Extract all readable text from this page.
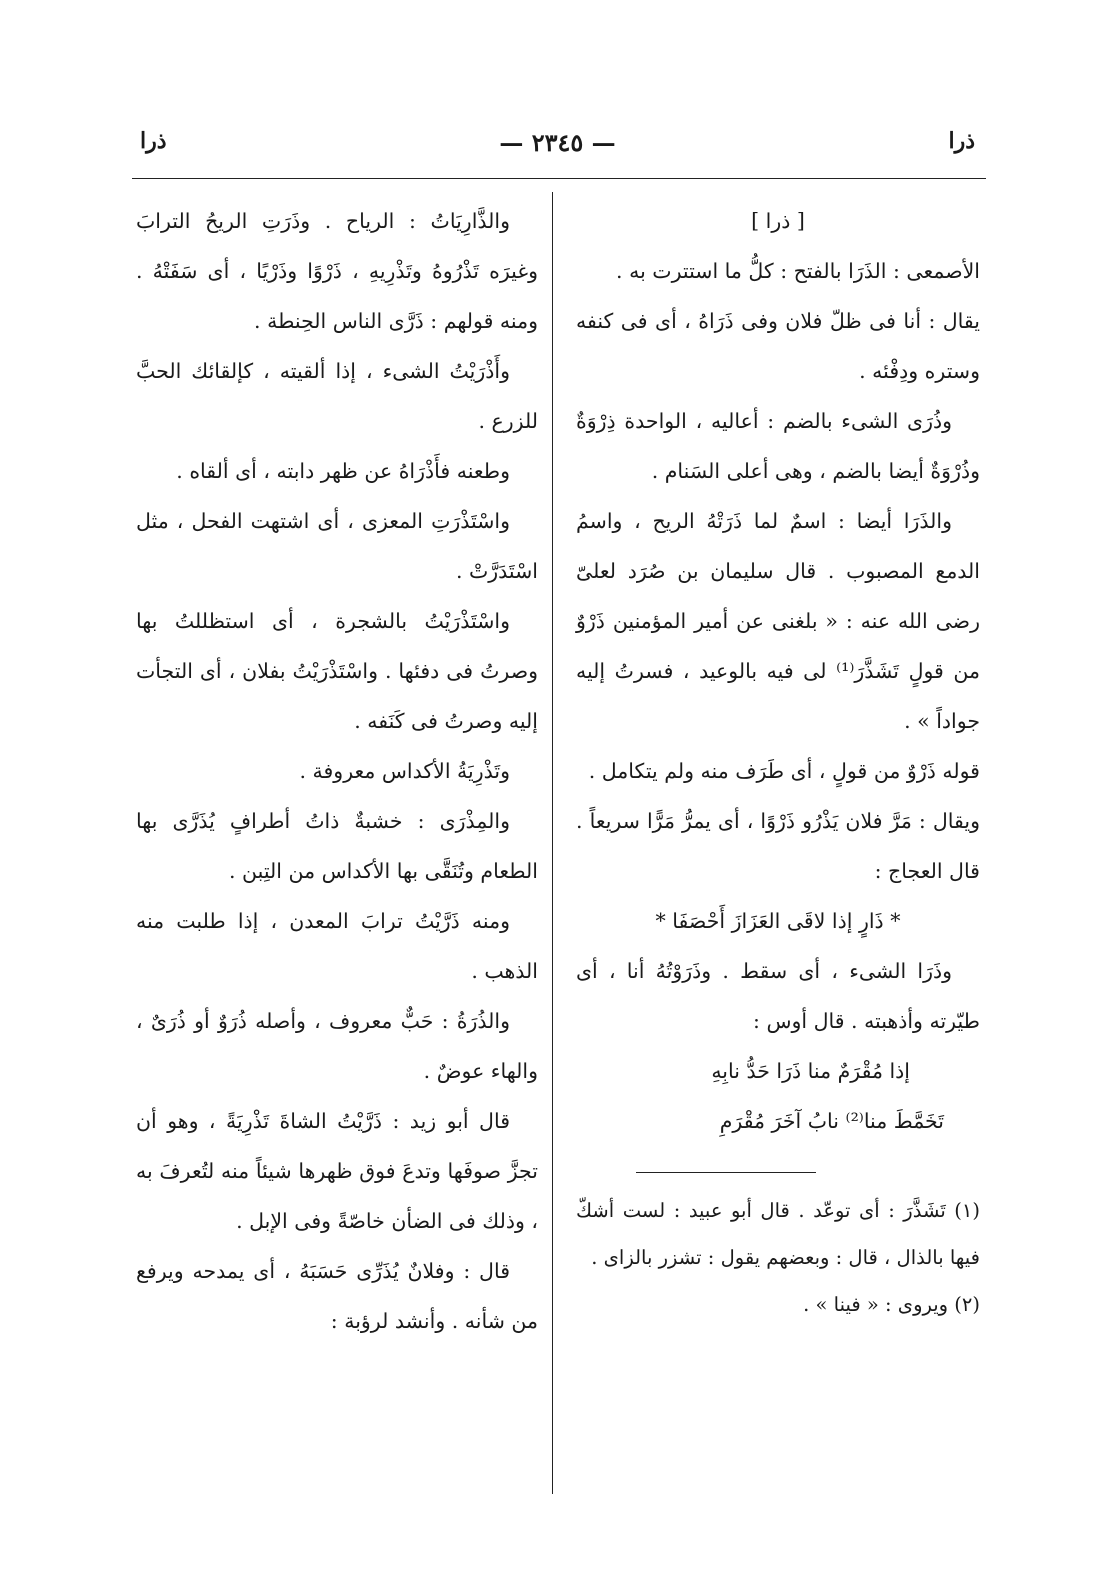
ذرا	— ٢٣٤٥ —	ذرا

[ ذرا ]

الأصمعى : الذَرَا بالفتح : كلُّ ما استترت به .

يقال : أنا فى ظلّ فلان وفى ذَرَاهُ ، أى فى كنفه وستره ودِفْئه .

وذُرَى الشىء بالضم : أعاليه ، الواحدة ذِرْوَةٌ وذُرْوَةٌ أيضا بالضم ، وهى أعلى السَنام .

والذَرَا أيضا : اسمٌ لما ذَرَتْهُ الريح ، واسمُ الدمع المصبوب . قال سليمان بن صُرَد لعلىّ رضى الله عنه : « بلغنى عن أمير المؤمنين ذَرْوٌ من قولٍ تَشَذَّرَ⁽¹⁾ لى فيه بالوعيد ، فسرتُ إليه جواداً » .

قوله ذَرْوٌ من قولٍ ، أى طَرَف منه ولم يتكامل .

ويقال : مَرَّ فلان يَذْرُو ذَرْوًا ، أى يمرُّ مَرًّا سريعاً . قال العجاج :

* ذَارٍ إذا لاقَى العَزَازَ أَحْصَفَا *

وذَرَا الشىء ، أى سقط . وذَرَوْتُهُ أنا ، أى طيّرته وأذهبته . قال أوس :

إذا مُقْرَمٌ منا ذَرَا حَدُّ نابِهِ

تَخَمَّطَ منا⁽²⁾ نابُ آخَرَ مُقْرَمِ

(١) تَشَذَّرَ : أى توعّد . قال أبو عبيد : لست أشكّ فيها بالذال ، قال : وبعضهم يقول : تشزر بالزاى .

(٢) ويروى : « فينا » .

والذَّارِيَاتُ : الرياح . وذَرَتِ الريحُ الترابَ وغيرَه تَذْرُوهُ وتَذْرِيهِ ، ذَرْوًا وذَرْيًا ، أى سَفَتْهُ . ومنه قولهم : ذَرَّى الناس الحِنطة .

وأَذْرَيْتُ الشىء ، إذا ألقيته ، كإلقائك الحبَّ للزرع .

وطعنه فأَذْرَاهُ عن ظهر دابته ، أى ألقاه .

واسْتَذْرَتِ المعزى ، أى اشتهت الفحل ، مثل اسْتَدَرَّتْ .

واسْتَذْرَيْتُ بالشجرة ، أى استظللتُ بها وصرتُ فى دفئها . واسْتَذْرَيْتُ بفلان ، أى التجأت إليه وصرتُ فى كَنَفه .

وتَذْرِيَةُ الأكداس معروفة .

والمِذْرَى : خشبةٌ ذاتُ أطرافٍ يُذَرَّى بها الطعام وتُنَقَّى بها الأكداس من التِبن .

ومنه ذَرَّيْتُ ترابَ المعدن ، إذا طلبت منه الذهب .

والذُرَةُ : حَبٌّ معروف ، وأصله ذُرَوٌ أو ذُرَىٌ ، والهاء عوضٌ .

قال أبو زيد : ذَرَّيْتُ الشاةَ تَذْرِيَةً ، وهو أن تجزَّ صوفَها وتدعَ فوق ظهرها شيئاً منه لتُعرفَ به ، وذلك فى الضأن خاصّةً وفى الإبل .

قال : وفلانٌ يُذَرِّى حَسَبَهُ ، أى يمدحه ويرفع من شأنه . وأنشد لرؤبة :
